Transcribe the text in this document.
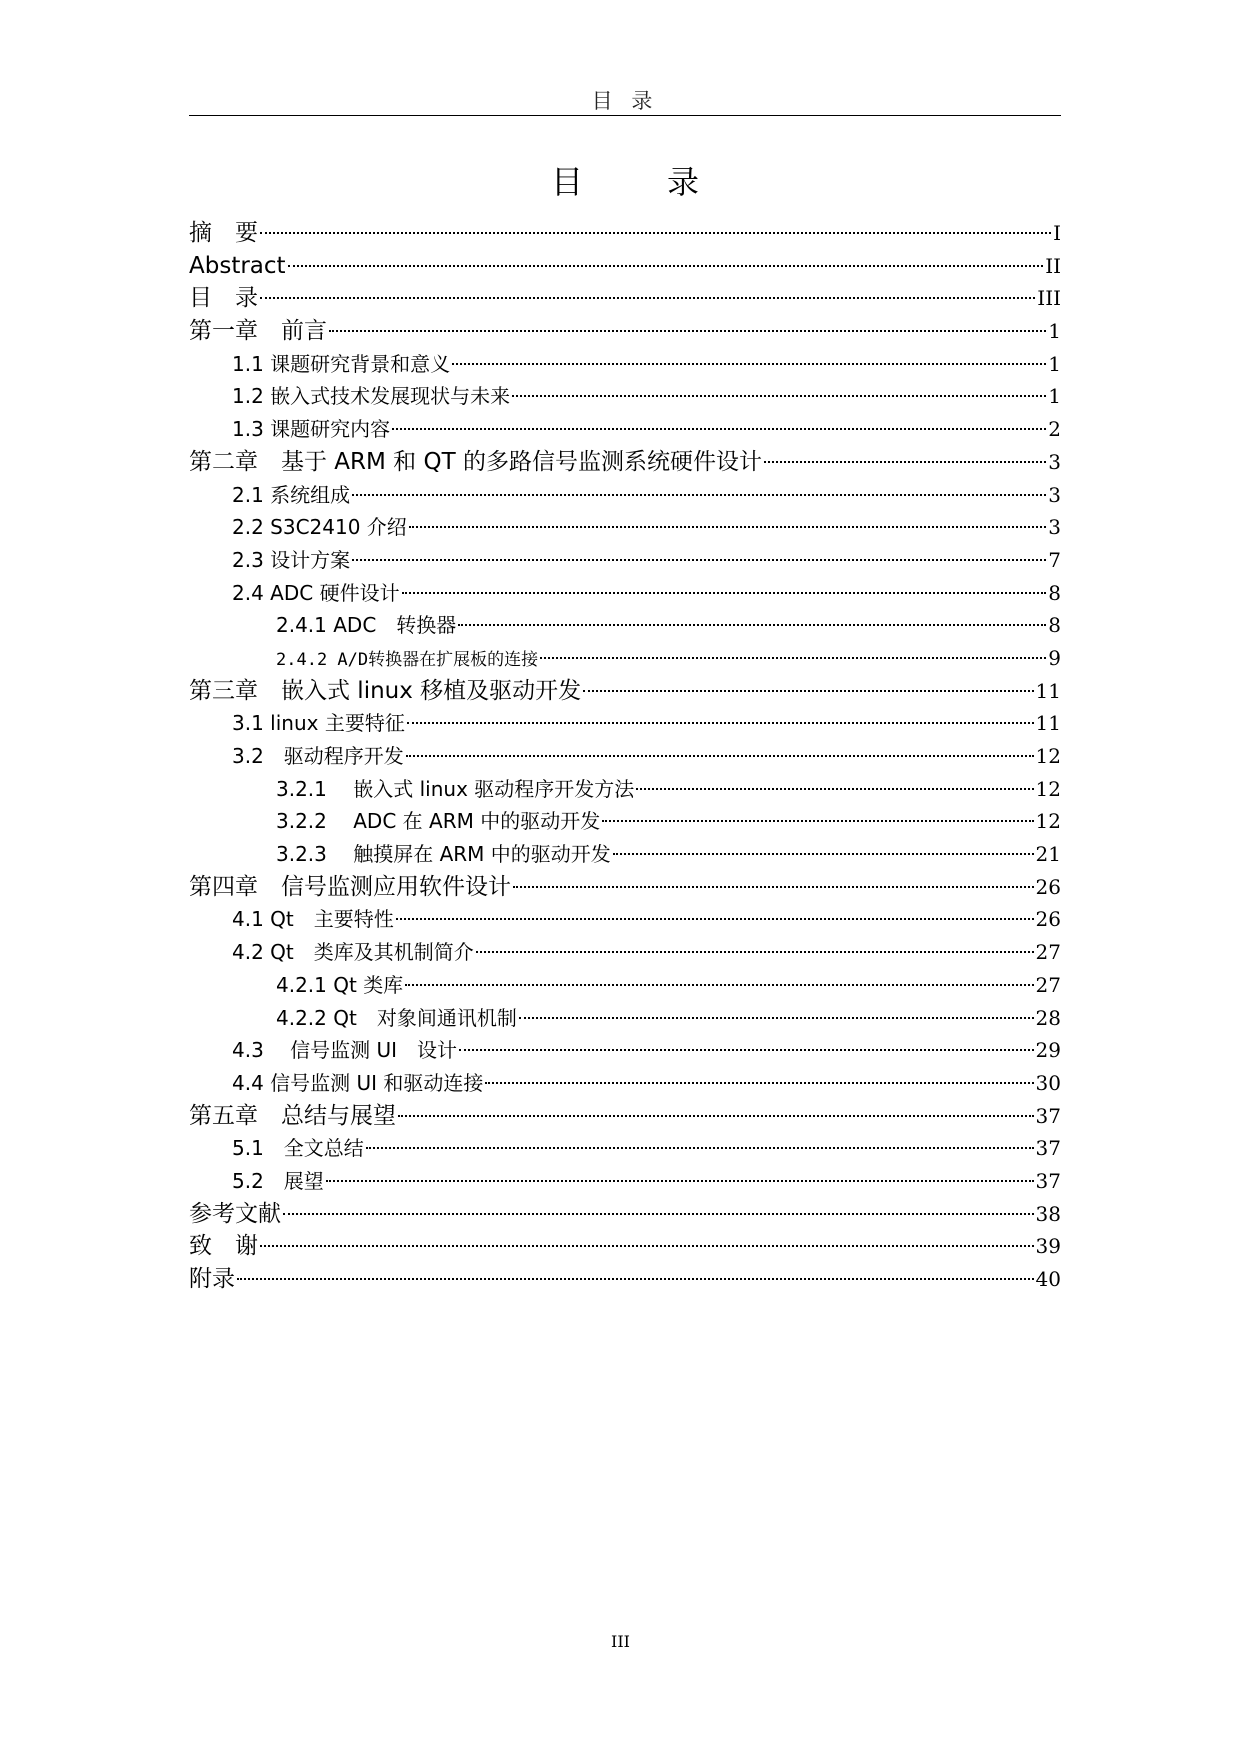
目 录
目　录
摘　要	I
Abstract	II
目　录	III
第一章　前言	1
1.1 课题研究背景和意义	1
1.2 嵌入式技术发展现状与未来	1
1.3 课题研究内容	2
第二章　基于 ARM 和 QT 的多路信号监测系统硬件设计	3
2.1 系统组成	3
2.2 S3C2410 介绍	3
2.3 设计方案	7
2.4 ADC 硬件设计	8
2.4.1 ADC　转换器	8
2.4.2 A/D转换器在扩展板的连接	9
第三章　嵌入式 linux 移植及驱动开发	11
3.1 linux 主要特征	11
3.2　驱动程序开发	12
3.2.1　 嵌入式 linux 驱动程序开发方法	12
3.2.2　 ADC 在 ARM 中的驱动开发	12
3.2.3　 触摸屏在 ARM 中的驱动开发	21
第四章　信号监测应用软件设计	26
4.1 Qt　主要特性	26
4.2 Qt　类库及其机制简介	27
4.2.1 Qt 类库	27
4.2.2 Qt　对象间通讯机制	28
4.3　 信号监测 UI　设计	29
4.4 信号监测 UI 和驱动连接	30
第五章　总结与展望	37
5.1　全文总结	37
5.2　展望	37
参考文献	38
致　谢	39
附录	40
III
